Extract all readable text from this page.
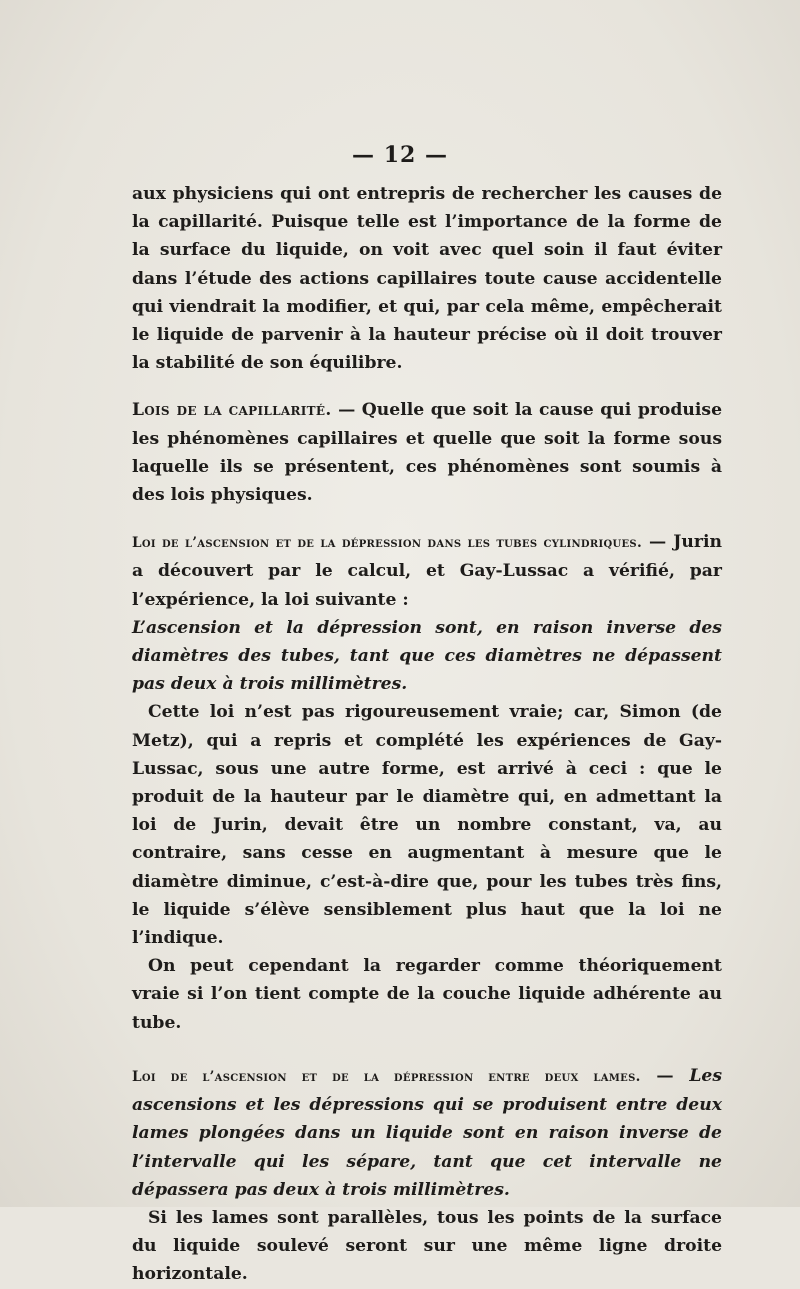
— 12 —

aux physiciens qui ont entrepris de rechercher les causes de la capillarité. Puisque telle est l’importance de la forme de la surface du liquide, on voit avec quel soin il faut éviter dans l’étude des actions capillaires toute cause accidentelle qui viendrait la modifier, et qui, par cela même, empêcherait le liquide de parvenir à la hauteur précise où il doit trouver la stabilité de son équilibre.

Lois de la capillarité. — Quelle que soit la cause qui produise les phénomènes capillaires et quelle que soit la forme sous laquelle ils se présentent, ces phénomènes sont soumis à des lois physiques.

Loi de l’ascension et de la dépression dans les tubes cylindriques. — Jurin a découvert par le calcul, et Gay-Lussac a vérifié, par l’expérience, la loi suivante :

L’ascension et la dépression sont, en raison inverse des diamètres des tubes, tant que ces diamètres ne dépassent pas deux à trois millimètres.

Cette loi n’est pas rigoureusement vraie; car, Simon (de Metz), qui a repris et complété les expériences de Gay-Lussac, sous une autre forme, est arrivé à ceci : que le produit de la hauteur par le diamètre qui, en admettant la loi de Jurin, devait être un nombre constant, va, au contraire, sans cesse en augmentant à mesure que le diamètre diminue, c’est-à-dire que, pour les tubes très fins, le liquide s’élève sensiblement plus haut que la loi ne l’indique.

On peut cependant la regarder comme théoriquement vraie si l’on tient compte de la couche liquide adhérente au tube.

Loi de l’ascension et de la dépression entre deux lames. — Les ascensions et les dépressions qui se produisent entre deux lames plongées dans un liquide sont en raison inverse de l’intervalle qui les sépare, tant que cet intervalle ne dépassera pas deux à trois millimètres.

Si les lames sont parallèles, tous les points de la surface du liquide soulevé seront sur une même ligne droite horizontale.
